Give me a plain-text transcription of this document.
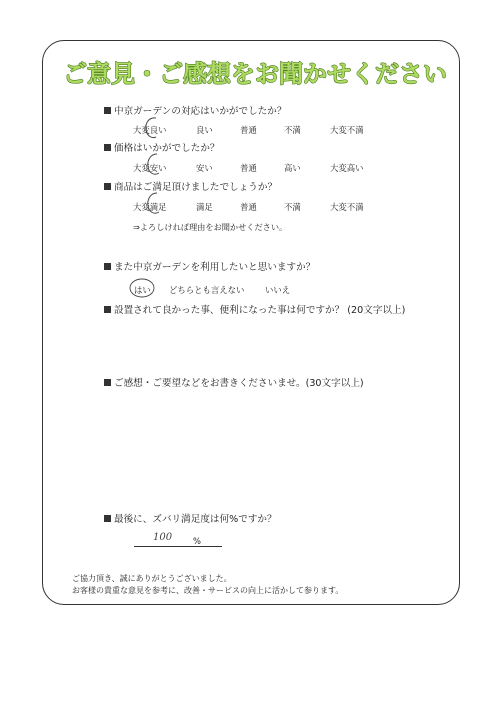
ご意見・ご感想をお聞かせください
中京ガーデンの対応はいかがでしたか？
大変良い	良い	普通	不満	大変不満
価格はいかがでしたか？
大変安い	安い	普通	高い	大変高い
商品はご満足頂けましたでしょうか？
大変満足	満足	普通	不満	大変不満
⇒よろしければ理由をお聞かせください。
また中京ガーデンを利用したいと思いますか？
はい どちらとも言えない いいえ
設置されて良かった事、便利になった事は何ですか？ (20文字以上)
ご感想・ご要望などをお書きくださいませ。(30文字以上)
最後に、ズバリ満足度は何%ですか？
100 %
ご協力頂き、誠にありがとうございました。
お客様の貴重な意見を参考に、改善・サービスの向上に活かして参ります。
